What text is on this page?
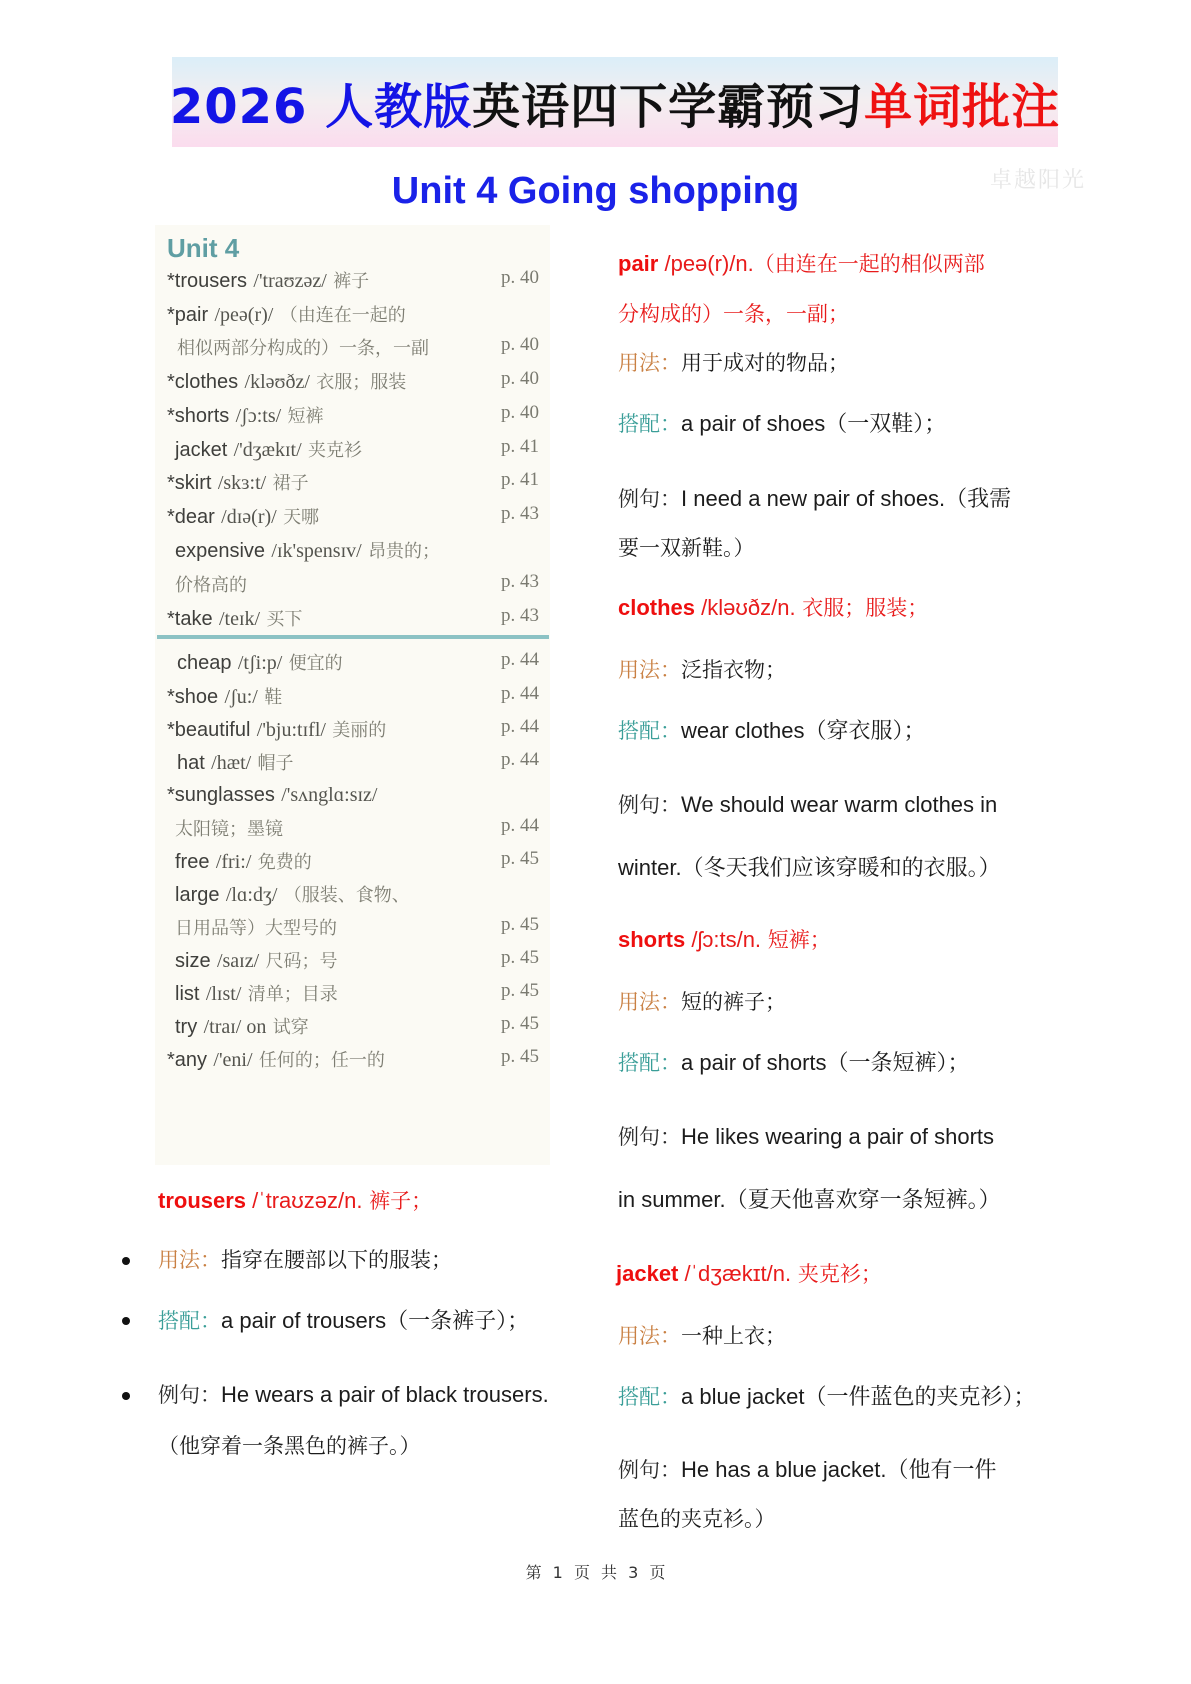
2026 人教版 英语四下学霸预习 单词批注
Unit 4 Going shopping	卓越阳光
Unit 4
*trousers /'traʊzəz/ 裤子	p. 40
*pair /peə(r)/ （由连在一起的
相似两部分构成的）一条，一副	p. 40
*clothes /kləʊðz/ 衣服；服装	p. 40
*shorts /ʃɔ:ts/ 短裤	p. 40
jacket /'dʒækɪt/ 夹克衫	p. 41
*skirt /skɜ:t/ 裙子	p. 41
*dear /dɪə(r)/ 天哪	p. 43
expensive /ɪk'spensɪv/ 昂贵的；
价格高的	p. 43
*take /teɪk/ 买下	p. 43
cheap /tʃi:p/ 便宜的	p. 44
*shoe /ʃu:/ 鞋	p. 44
*beautiful /'bju:tɪfl/ 美丽的	p. 44
hat /hæt/ 帽子	p. 44
*sunglasses /'sʌnglɑ:sɪz/
太阳镜；墨镜	p. 44
free /fri:/ 免费的	p. 45
large /lɑ:dʒ/ （服装、食物、
日用品等）大型号的	p. 45
size /saɪz/ 尺码；号	p. 45
list /lɪst/ 清单；目录	p. 45
try /traɪ/ on 试穿	p. 45
*any /'eni/ 任何的；任一的	p. 45
trousers /ˈtraʊzəz/n. 裤子；
用法：指穿在腰部以下的服装；
搭配：a pair of trousers（一条裤子）；
例句：He wears a pair of black trousers.
（他穿着一条黑色的裤子。）
pair /peə(r)/n.（由连在一起的相似两部
分构成的）一条，一副；
用法：用于成对的物品；
搭配：a pair of shoes（一双鞋）；
例句：I need a new pair of shoes.（我需
要一双新鞋。）
clothes /kləʊðz/n. 衣服；服装；
用法：泛指衣物；
搭配：wear clothes（穿衣服）；
例句：We should wear warm clothes in
winter.（冬天我们应该穿暖和的衣服。）
shorts /ʃɔ:ts/n. 短裤；
用法：短的裤子；
搭配：a pair of shorts（一条短裤）；
例句：He likes wearing a pair of shorts
in summer.（夏天他喜欢穿一条短裤。）
jacket /ˈdʒækɪt/n. 夹克衫；
用法：一种上衣；
搭配：a blue jacket（一件蓝色的夹克衫）；
例句：He has a blue jacket.（他有一件
蓝色的夹克衫。）
第 1 页 共 3 页
